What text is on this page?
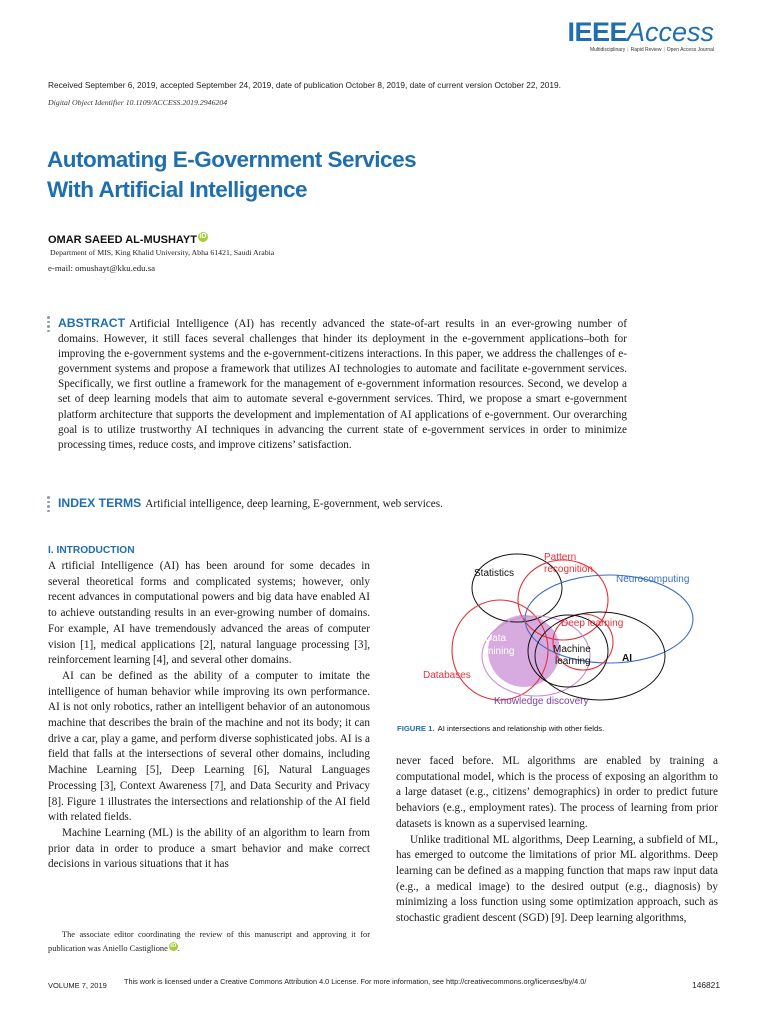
IEEEAccess
Multidisciplinary | Rapid Review | Open Access Journal
Received September 6, 2019, accepted September 24, 2019, date of publication October 8, 2019, date of current version October 22, 2019.
Digital Object Identifier 10.1109/ACCESS.2019.2946204
Automating E-Government Services
With Artificial Intelligence
OMAR SAEED AL-MUSHAYT iD
Department of MIS, King Khalid University, Abha 61421, Saudi Arabia
e-mail: omushayt@kku.edu.sa
ABSTRACT Artificial Intelligence (AI) has recently advanced the state-of-art results in an ever-growing number of domains. However, it still faces several challenges that hinder its deployment in the e-government applications–both for improving the e-government systems and the e-government-citizens interactions. In this paper, we address the challenges of e-government systems and propose a framework that utilizes AI technologies to automate and facilitate e-government services. Specifically, we first outline a framework for the management of e-government information resources. Second, we develop a set of deep learning models that aim to automate several e-government services. Third, we propose a smart e-government platform architecture that supports the development and implementation of AI applications of e-government. Our overarching goal is to utilize trustworthy AI techniques in advancing the current state of e-government services in order to minimize processing times, reduce costs, and improve citizens’ satisfaction.
INDEX TERMS Artificial intelligence, deep learning, E-government, web services.
I. INTRODUCTION

A rtificial Intelligence (AI) has been around for some decades in several theoretical forms and complicated systems; however, only recent advances in computational powers and big data have enabled AI to achieve outstanding results in an ever-growing number of domains. For example, AI have tremendously advanced the areas of computer vision [1], medical applications [2], natural language processing [3], reinforcement learning [4], and several other domains.

AI can be defined as the ability of a computer to imitate the intelligence of human behavior while improving its own performance. AI is not only robotics, rather an intelligent behavior of an autonomous machine that describes the brain of the machine and not its body; it can drive a car, play a game, and perform diverse sophisticated jobs. AI is a field that falls at the intersections of several other domains, including Machine Learning [5], Deep Learning [6], Natural Languages Processing [3], Context Awareness [7], and Data Security and Privacy [8]. Figure 1 illustrates the intersections and relationship of the AI field with related fields.

Machine Learning (ML) is the ability of an algorithm to learn from prior data in order to produce a smart behavior and make correct decisions in various situations that it has

The associate editor coordinating the review of this manuscript and approving it for publication was Aniello Castiglione iD .
Statistics
Pattern
recognition
Neurocomputing
Deep learning
Data
mining	Machine
learning	AI
Databases
Knowledge discovery
FIGURE 1. AI intersections and relationship with other fields.

never faced before. ML algorithms are enabled by training a computational model, which is the process of exposing an algorithm to a large dataset (e.g., citizens’ demographics) in order to predict future behaviors (e.g., employment rates). The process of learning from prior datasets is known as a supervised learning.

Unlike traditional ML algorithms, Deep Learning, a subfield of ML, has emerged to outcome the limitations of prior ML algorithms. Deep learning can be defined as a mapping function that maps raw input data (e.g., a medical image) to the desired output (e.g., diagnosis) by minimizing a loss function using some optimization approach, such as stochastic gradient descent (SGD) [9]. Deep learning algorithms,

VOLUME 7, 2019 This work is licensed under a Creative Commons Attribution 4.0 License. For more information, see http://creativecommons.org/licenses/by/4.0/	146821
